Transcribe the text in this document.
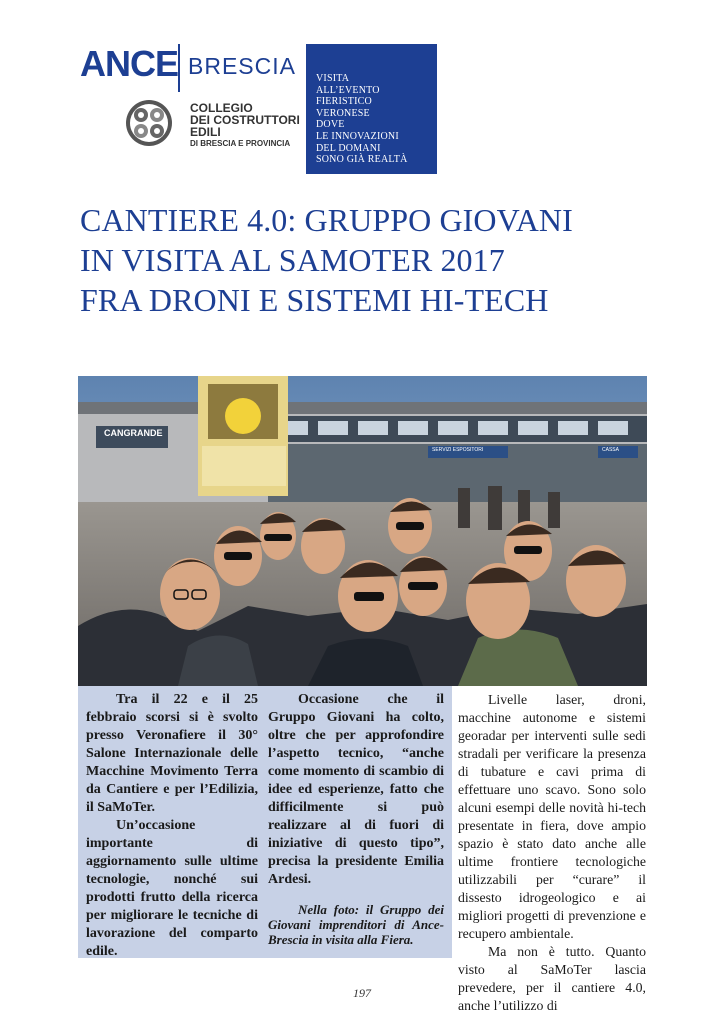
ANCE BRESCIA
COLLEGIO
DEI COSTRUTTORI
EDILI
DI BRESCIA E PROVINCIA
VISITA
ALL’EVENTO
FIERISTICO
VERONESE
DOVE
LE INNOVAZIONI
DEL DOMANI
SONO GIÀ REALTÀ
CANTIERE 4.0: GRUPPO GIOVANI
IN VISITA AL SAMOTER 2017
FRA DRONI E SISTEMI HI-TECH
CANGRANDE
SERVIZI ESPOSITORI	CASSA

Tra il 22 e il 25 febbraio scorsi si è svolto presso Veronafiere il 30° Salone Internazionale delle Macchine Movimento Terra da Cantiere e per l’Edilizia, il SaMoTer.

Un’occasione importante di aggiornamento sulle ultime tecnologie, nonché sui prodotti frutto della ricerca per migliorare le tecniche di lavorazione del comparto edile.

Occasione che il Gruppo Giovani ha colto, oltre che per approfondire l’aspetto tecnico, “anche come momento di scambio di idee ed esperienze, fatto che difficilmente si può realizzare al di fuori di iniziative di questo tipo”, precisa la presidente Emilia Ardesi.

Nella foto: il Gruppo dei Giovani imprenditori di Ance-Brescia in visita alla Fiera.

Livelle laser, droni, macchine autonome e sistemi georadar per interventi sulle sedi stradali per verificare la presenza di tubature e cavi prima di effettuare uno scavo. Sono solo alcuni esempi delle novità hi-tech presentate in fiera, dove ampio spazio è stato dato anche alle ultime frontiere tecnologiche utilizzabili per “curare” il dissesto idrogeologico e ai migliori progetti di prevenzione e recupero ambientale.

Ma non è tutto. Quanto visto al SaMoTer lascia prevedere, per il cantiere 4.0, anche l’utilizzo di

197
